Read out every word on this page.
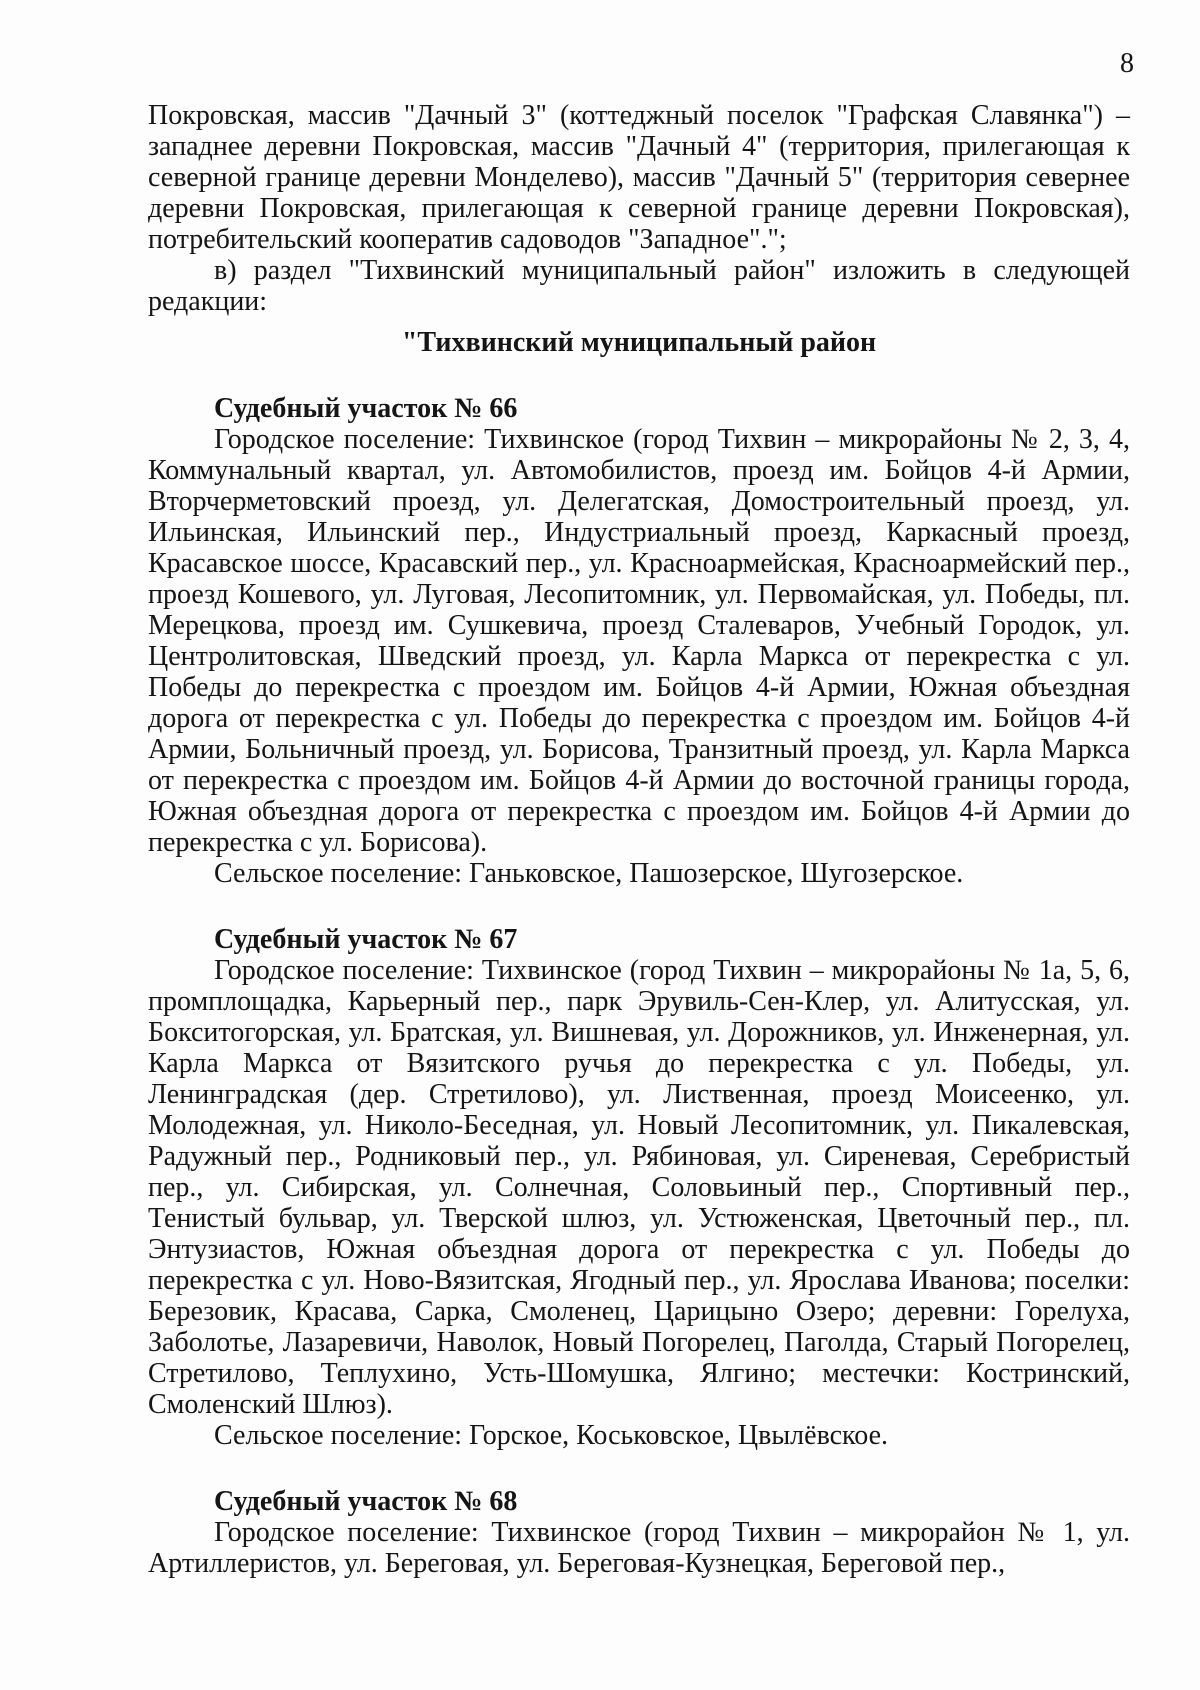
8

Покровская, массив "Дачный 3" (коттеджный поселок "Графская Славянка") – западнее деревни Покровская, массив "Дачный 4" (территория, прилегающая к северной границе деревни Монделево), массив "Дачный 5" (территория севернее деревни Покровская, прилегающая к северной границе деревни Покровская), потребительский кооператив садоводов "Западное".";

в) раздел "Тихвинский муниципальный район" изложить в следующей редакции:

"Тихвинский муниципальный район

Судебный участок № 66

Городское поселение: Тихвинское (город Тихвин – микрорайоны № 2, 3, 4, Коммунальный квартал, ул. Автомобилистов, проезд им. Бойцов 4-й Армии, Вторчерметовский проезд, ул. Делегатская, Домостроительный проезд, ул. Ильинская, Ильинский пер., Индустриальный проезд, Каркасный проезд, Красавское шоссе, Красавский пер., ул. Красноармейская, Красноармейский пер., проезд Кошевого, ул. Луговая, Лесопитомник, ул. Первомайская, ул. Победы, пл. Мерецкова, проезд им. Сушкевича, проезд Сталеваров, Учебный Городок, ул. Центролитовская, Шведский проезд, ул. Карла Маркса от перекрестка с ул. Победы до перекрестка с проездом им. Бойцов 4-й Армии, Южная объездная дорога от перекрестка с ул. Победы до перекрестка с проездом им. Бойцов 4-й Армии, Больничный проезд, ул. Борисова, Транзитный проезд, ул. Карла Маркса от перекрестка с проездом им. Бойцов 4-й Армии до восточной границы города, Южная объездная дорога от перекрестка с проездом им. Бойцов 4-й Армии до перекрестка с ул. Борисова).

Сельское поселение: Ганьковское, Пашозерское, Шугозерское.

Судебный участок № 67

Городское поселение: Тихвинское (город Тихвин – микрорайоны № 1а, 5, 6, промплощадка, Карьерный пер., парк Эрувиль-Сен-Клер, ул. Алитусская, ул. Бокситогорская, ул. Братская, ул. Вишневая, ул. Дорожников, ул. Инженерная, ул. Карла Маркса от Вязитского ручья до перекрестка с ул. Победы, ул. Ленинградская (дер. Стретилово), ул. Лиственная, проезд Моисеенко, ул. Молодежная, ул. Николо-Беседная, ул. Новый Лесопитомник, ул. Пикалевская, Радужный пер., Родниковый пер., ул. Рябиновая, ул. Сиреневая, Серебристый пер., ул. Сибирская, ул. Солнечная, Соловьиный пер., Спортивный пер., Тенистый бульвар, ул. Тверской шлюз, ул. Устюженская, Цветочный пер., пл. Энтузиастов, Южная объездная дорога от перекрестка с ул. Победы до перекрестка с ул. Ново-Вязитская, Ягодный пер., ул. Ярослава Иванова; поселки: Березовик, Красава, Сарка, Смоленец, Царицыно Озеро; деревни: Горелуха, Заболотье, Лазаревичи, Наволок, Новый Погорелец, Паголда, Старый Погорелец, Стретилово, Теплухино, Усть-Шомушка, Ялгино; местечки: Костринский, Смоленский Шлюз).

Сельское поселение: Горское, Коськовское, Цвылёвское.

Судебный участок № 68

Городское поселение: Тихвинское (город Тихвин – микрорайон № 1, ул. Артиллеристов, ул. Береговая, ул. Береговая-Кузнецкая, Береговой пер.,
